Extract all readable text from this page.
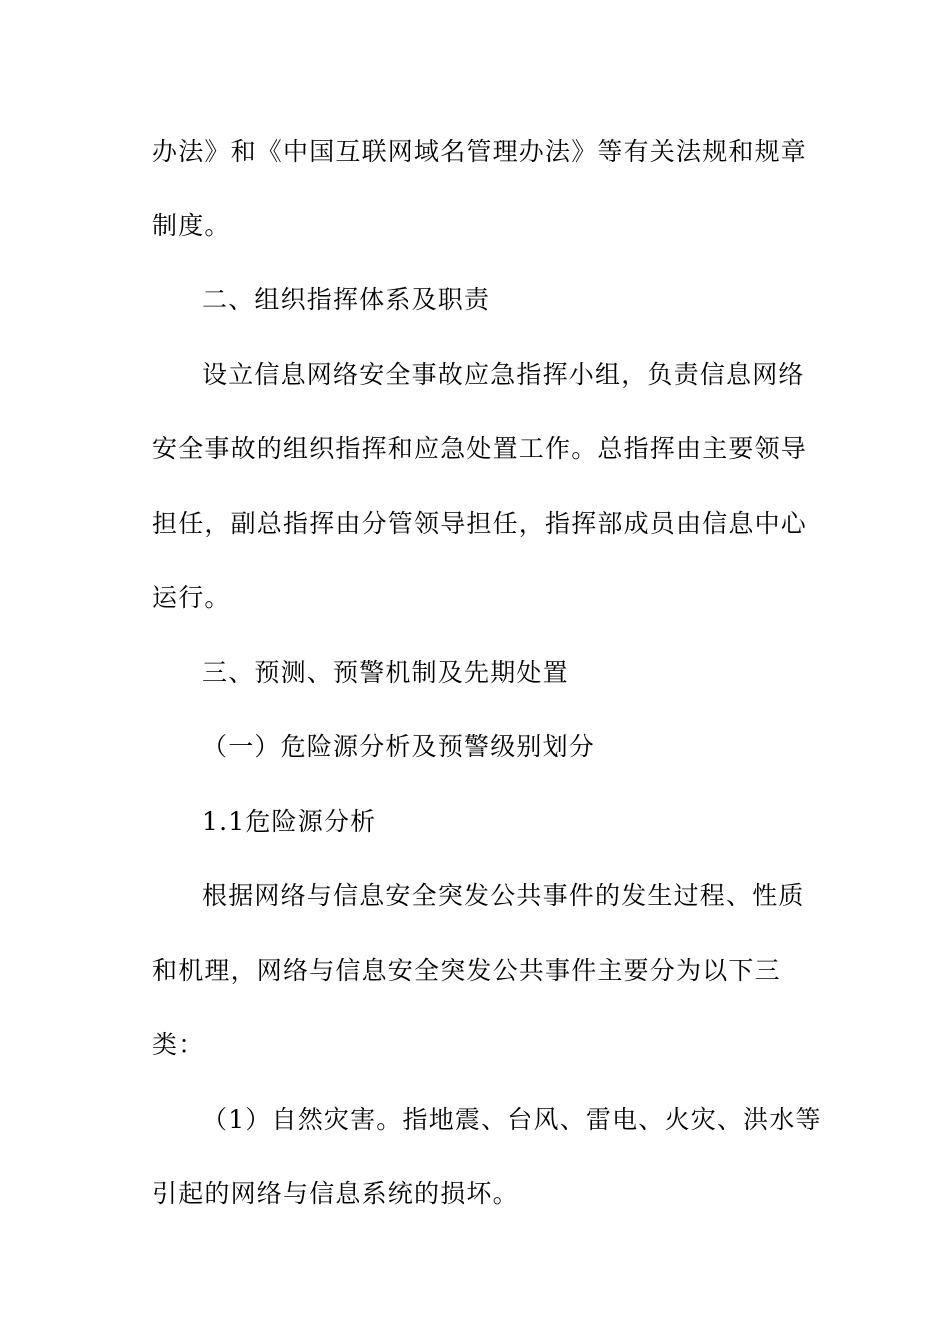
办法》和《中国互联网域名管理办法》等有关法规和规章
制度。
二、组织指挥体系及职责
设立信息网络安全事故应急指挥小组，负责信息网络
安全事故的组织指挥和应急处置工作。总指挥由主要领导
担任，副总指挥由分管领导担任，指挥部成员由信息中心
运行。
三、预测、预警机制及先期处置
（一）危险源分析及预警级别划分
1.1危险源分析
根据网络与信息安全突发公共事件的发生过程、性质
和机理，网络与信息安全突发公共事件主要分为以下三
类：
（1）自然灾害。指地震、台风、雷电、火灾、洪水等
引起的网络与信息系统的损坏。
